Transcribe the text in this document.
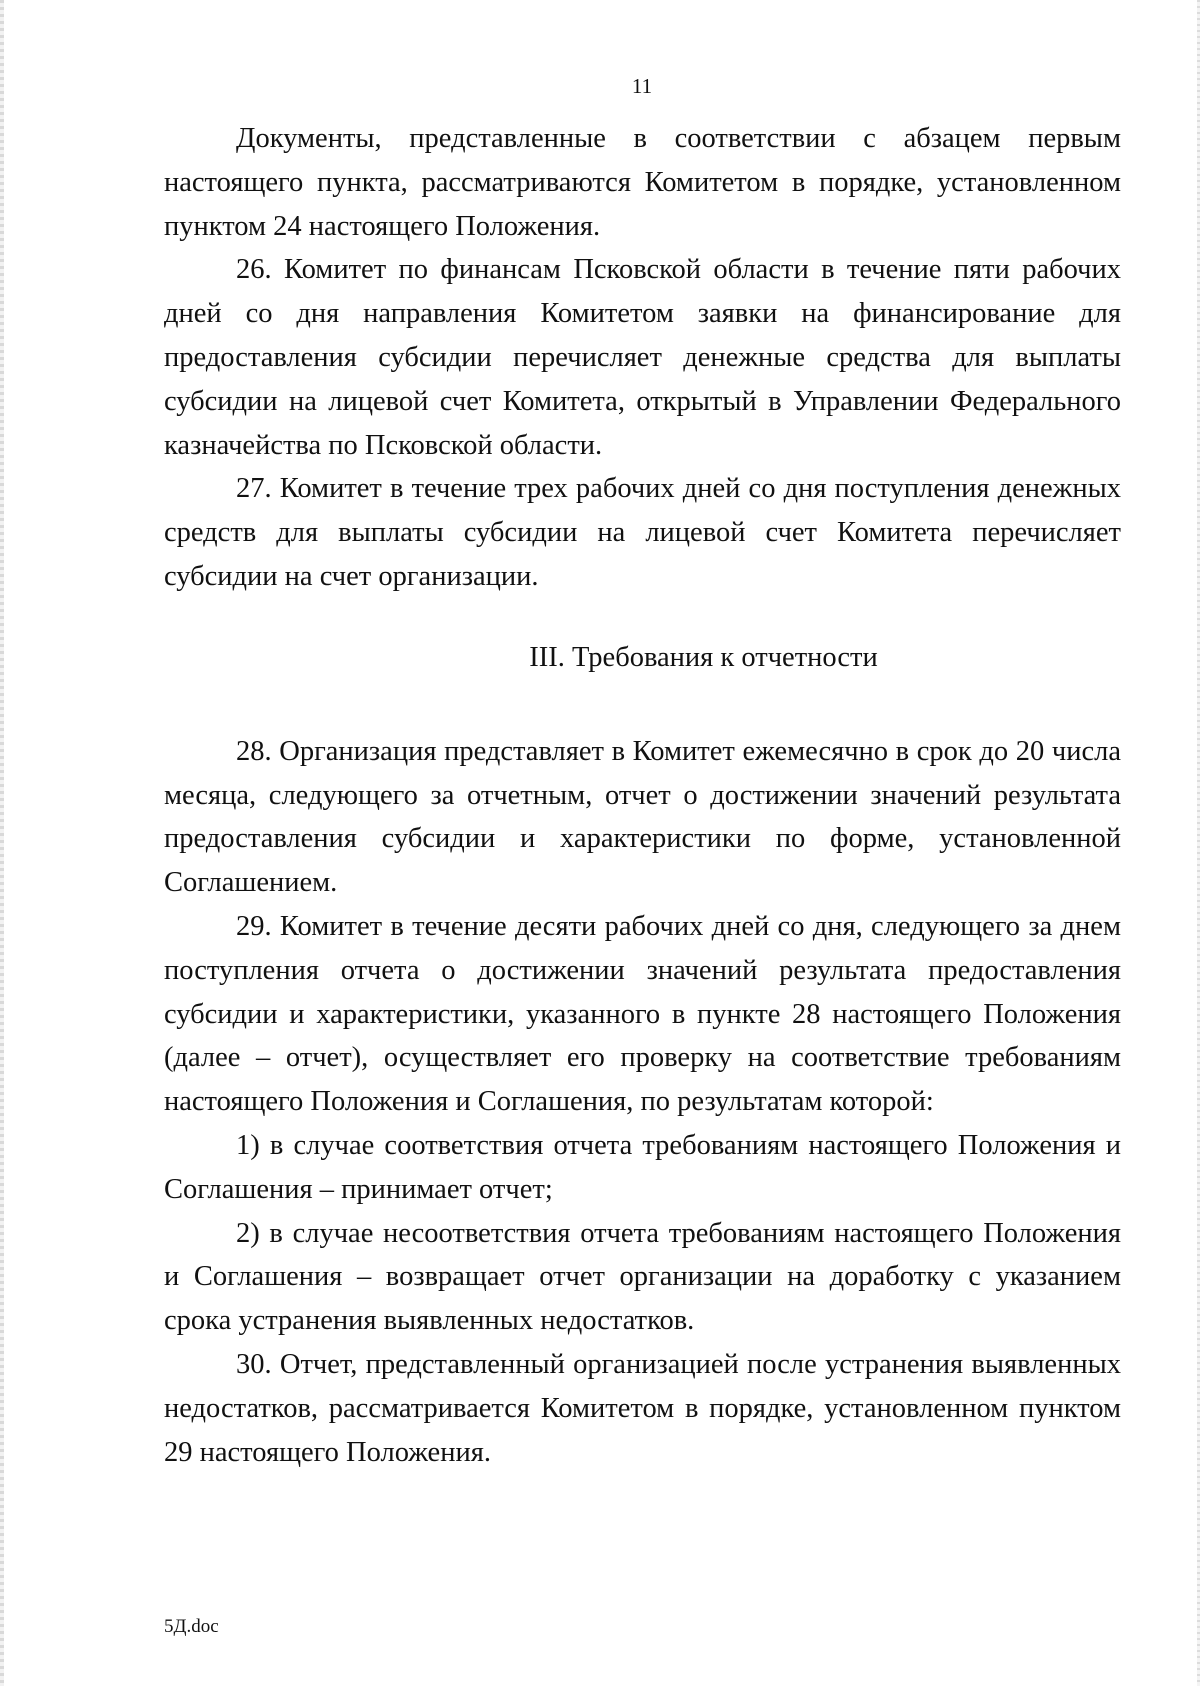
11

Документы, представленные в соответствии с абзацем первым настоящего пункта, рассматриваются Комитетом в порядке, установленном пунктом 24 настоящего Положения.

26. Комитет по финансам Псковской области в течение пяти рабочих дней со дня направления Комитетом заявки на финансирование для предоставления субсидии перечисляет денежные средства для выплаты субсидии на лицевой счет Комитета, открытый в Управлении Федерального казначейства по Псковской области.

27. Комитет в течение трех рабочих дней со дня поступления денежных средств для выплаты субсидии на лицевой счет Комитета перечисляет субсидии на счет организации.

III. Требования к отчетности

28. Организация представляет в Комитет ежемесячно в срок до 20 числа месяца, следующего за отчетным, отчет о достижении значений результата предоставления субсидии и характеристики по форме, установленной Соглашением.

29. Комитет в течение десяти рабочих дней со дня, следующего за днем поступления отчета о достижении значений результата предоставления субсидии и характеристики, указанного в пункте 28 настоящего Положения (далее – отчет), осуществляет его проверку на соответствие требованиям настоящего Положения и Соглашения, по результатам которой:

1) в случае соответствия отчета требованиям настоящего Положения и Соглашения – принимает отчет;

2) в случае несоответствия отчета требованиям настоящего Положения и Соглашения – возвращает отчет организации на доработку с указанием срока устранения выявленных недостатков.

30. Отчет, представленный организацией после устранения выявленных недостатков, рассматривается Комитетом в порядке, установленном пунктом 29 настоящего Положения.

5Д.doc
